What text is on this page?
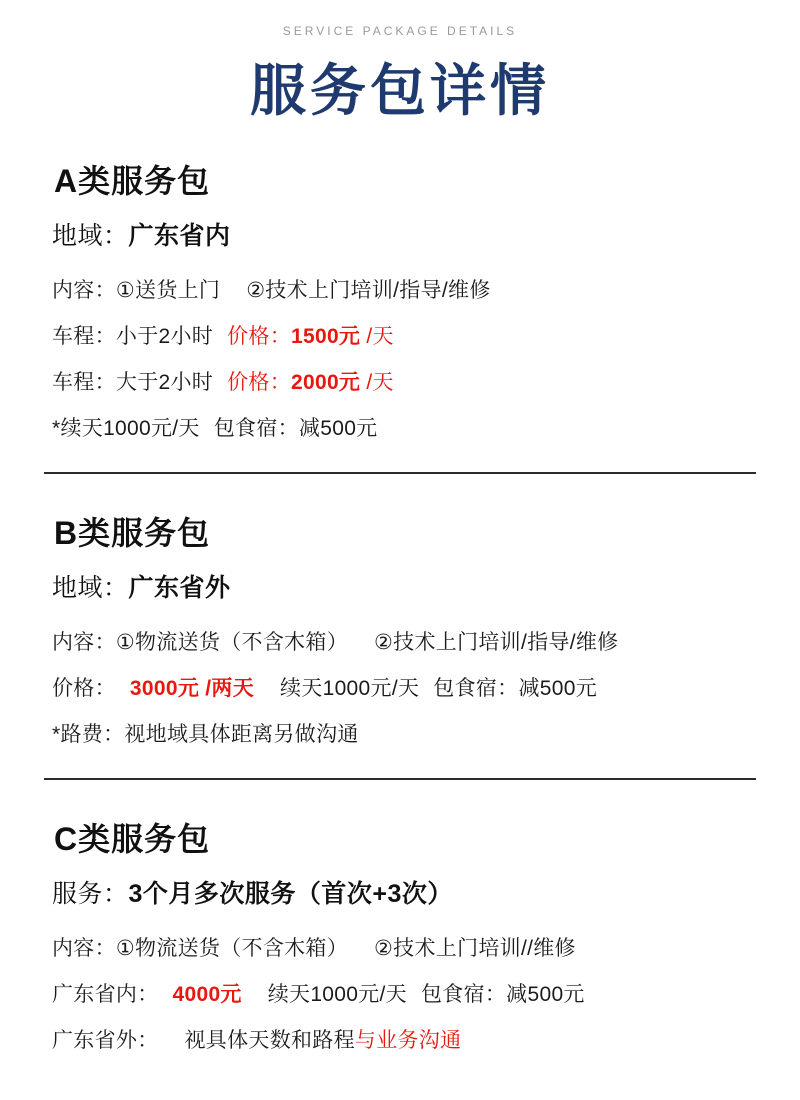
SERVICE PACKAGE DETAILS
服务包详情
A类服务包
地域：广东省内
内容：①送货上门 ②技术上门培训/指导/维修
车程：小于2小时 价格：1500元 /天
车程：大于2小时 价格：2000元 /天
*续天1000元/天 包食宿：减500元
B类服务包
地域：广东省外
内容：①物流送货（不含木箱） ②技术上门培训/指导/维修
价格： 3000元 /两天 续天1000元/天 包食宿：减500元
*路费：视地域具体距离另做沟通
C类服务包
服务：3个月多次服务（首次+3次）
内容：①物流送货（不含木箱） ②技术上门培训//维修
广东省内： 4000元 续天1000元/天 包食宿：减500元
广东省外： 视具体天数和路程与业务沟通
